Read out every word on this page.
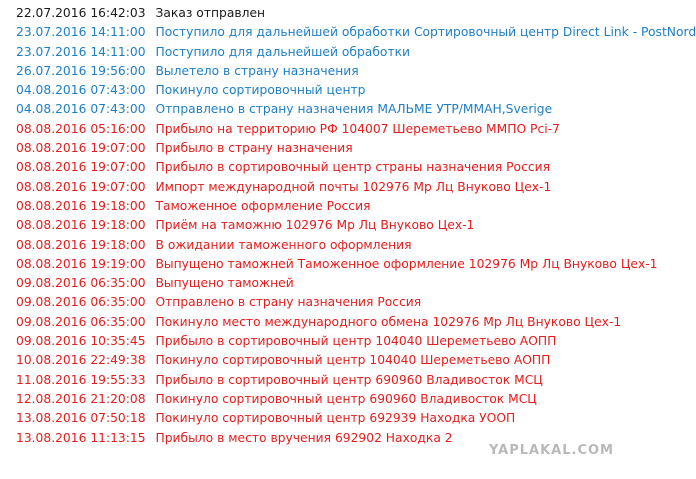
22.07.2016 16:42:03 Заказ отправлен
23.07.2016 14:11:00 Поступило для дальнейшей обработки Сортировочный центр Direct Link - PostNord
23.07.2016 14:11:00 Поступило для дальнейшей обработки
26.07.2016 19:56:00 Вылетело в страну назначения
04.08.2016 07:43:00 Покинуло сортировочный центр
04.08.2016 07:43:00 Отправлено в страну назначения МАЛЬМЕ УТР/ММАН,Sverige
08.08.2016 05:16:00 Прибыло на территорию РФ 104007 Шереметьево ММПО Pci-7
08.08.2016 19:07:00 Прибыло в страну назначения
08.08.2016 19:07:00 Прибыло в сортировочный центр страны назначения Россия
08.08.2016 19:07:00 Импорт международной почты 102976 Мр Лц Внуково Цех-1
08.08.2016 19:18:00 Таможенное оформление Россия
08.08.2016 19:18:00 Приём на таможню 102976 Мр Лц Внуково Цех-1
08.08.2016 19:18:00 В ожидании таможенного оформления
08.08.2016 19:19:00 Выпущено таможней Таможенное оформление 102976 Мр Лц Внуково Цех-1
09.08.2016 06:35:00 Выпущено таможней
09.08.2016 06:35:00 Отправлено в страну назначения Россия
09.08.2016 06:35:00 Покинуло место международного обмена 102976 Мр Лц Внуково Цех-1
09.08.2016 10:35:45 Прибыло в сортировочный центр 104040 Шереметьево АОПП
10.08.2016 22:49:38 Покинуло сортировочный центр 104040 Шереметьево АОПП
11.08.2016 19:55:33 Прибыло в сортировочный центр 690960 Владивосток МСЦ
12.08.2016 21:20:08 Покинуло сортировочный центр 690960 Владивосток МСЦ
13.08.2016 07:50:18 Покинуло сортировочный центр 692939 Находка УООП
13.08.2016 11:13:15 Прибыло в место вручения 692902 Находка 2
YAPLAKAL.COM
